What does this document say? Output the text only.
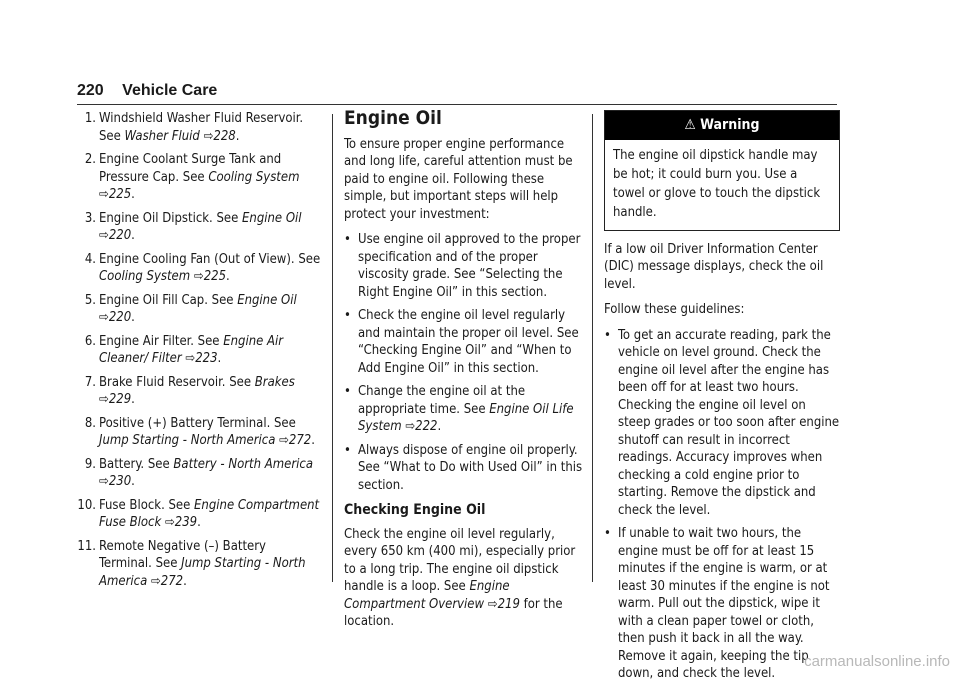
220 Vehicle Care
1. Windshield Washer Fluid Reservoir. See Washer Fluid ⇨228.
2. Engine Coolant Surge Tank and Pressure Cap. See Cooling System ⇨225.
3. Engine Oil Dipstick. See Engine Oil ⇨220.
4. Engine Cooling Fan (Out of View). See Cooling System ⇨225.
5. Engine Oil Fill Cap. See Engine Oil ⇨220.
6. Engine Air Filter. See Engine Air Cleaner/ Filter ⇨223.
7. Brake Fluid Reservoir. See Brakes ⇨229.
8. Positive (+) Battery Terminal. See Jump Starting - North America ⇨272.
9. Battery. See Battery - North America ⇨230.
10. Fuse Block. See Engine Compartment Fuse Block ⇨239.
11. Remote Negative (–) Battery Terminal. See Jump Starting - North America ⇨272.
Engine Oil

To ensure proper engine performance and long life, careful attention must be paid to engine oil. Following these simple, but important steps will help protect your investment:

• Use engine oil approved to the proper specification and of the proper viscosity grade. See “Selecting the Right Engine Oil” in this section.
• Check the engine oil level regularly and maintain the proper oil level. See “Checking Engine Oil” and “When to Add Engine Oil” in this section.
• Change the engine oil at the appropriate time. See Engine Oil Life System ⇨222.
• Always dispose of engine oil properly. See “What to Do with Used Oil” in this section.
Checking Engine Oil

Check the engine oil level regularly, every 650 km (400 mi), especially prior to a long trip. The engine oil dipstick handle is a loop. See Engine Compartment Overview ⇨219 for the location.

⚠ Warning
The engine oil dipstick handle may be hot; it could burn you. Use a towel or glove to touch the dipstick handle.

If a low oil Driver Information Center (DIC) message displays, check the oil level.

Follow these guidelines:

• To get an accurate reading, park the vehicle on level ground. Check the engine oil level after the engine has been off for at least two hours. Checking the engine oil level on steep grades or too soon after engine shutoff can result in incorrect readings. Accuracy improves when checking a cold engine prior to starting. Remove the dipstick and check the level.
• If unable to wait two hours, the engine must be off for at least 15 minutes if the engine is warm, or at least 30 minutes if the engine is not warm. Pull out the dipstick, wipe it with a clean paper towel or cloth, then push it back in all the way. Remove it again, keeping the tip down, and check the level.
carmanualsonline.info
